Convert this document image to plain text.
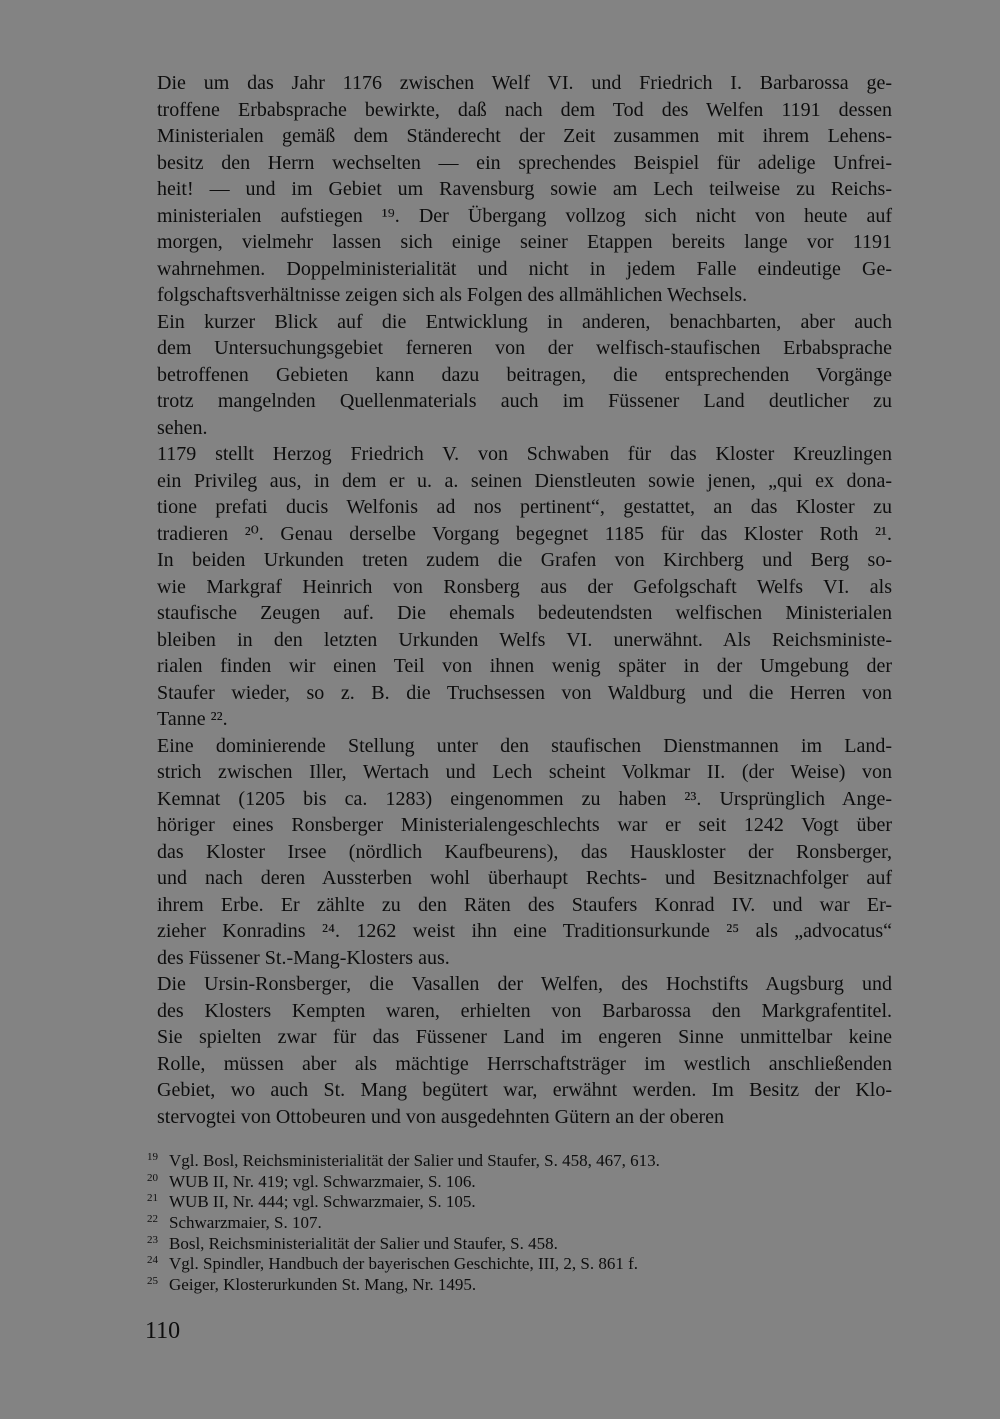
Die um das Jahr 1176 zwischen Welf VI. und Friedrich I. Barbarossa ge-
troffene Erbabsprache bewirkte, daß nach dem Tod des Welfen 1191 dessen
Ministerialen gemäß dem Ständerecht der Zeit zusammen mit ihrem Lehens-
besitz den Herrn wechselten — ein sprechendes Beispiel für adelige Unfrei-
heit! — und im Gebiet um Ravensburg sowie am Lech teilweise zu Reichs-
ministerialen aufstiegen ¹⁹. Der Übergang vollzog sich nicht von heute auf
morgen, vielmehr lassen sich einige seiner Etappen bereits lange vor 1191
wahrnehmen. Doppelministerialität und nicht in jedem Falle eindeutige Ge-
folgschaftsverhältnisse zeigen sich als Folgen des allmählichen Wechsels.
Ein kurzer Blick auf die Entwicklung in anderen, benachbarten, aber auch
dem Untersuchungsgebiet ferneren von der welfisch-staufischen Erbabsprache
betroffenen Gebieten kann dazu beitragen, die entsprechenden Vorgänge
trotz mangelnden Quellenmaterials auch im Füssener Land deutlicher zu
sehen.
1179 stellt Herzog Friedrich V. von Schwaben für das Kloster Kreuzlingen
ein Privileg aus, in dem er u. a. seinen Dienstleuten sowie jenen, „qui ex dona-
tione prefati ducis Welfonis ad nos pertinent“, gestattet, an das Kloster zu
tradieren ²⁰. Genau derselbe Vorgang begegnet 1185 für das Kloster Roth ²¹.
In beiden Urkunden treten zudem die Grafen von Kirchberg und Berg so-
wie Markgraf Heinrich von Ronsberg aus der Gefolgschaft Welfs VI. als
staufische Zeugen auf. Die ehemals bedeutendsten welfischen Ministerialen
bleiben in den letzten Urkunden Welfs VI. unerwähnt. Als Reichsministe-
rialen finden wir einen Teil von ihnen wenig später in der Umgebung der
Staufer wieder, so z. B. die Truchsessen von Waldburg und die Herren von
Tanne ²².
Eine dominierende Stellung unter den staufischen Dienstmannen im Land-
strich zwischen Iller, Wertach und Lech scheint Volkmar II. (der Weise) von
Kemnat (1205 bis ca. 1283) eingenommen zu haben ²³. Ursprünglich Ange-
höriger eines Ronsberger Ministerialengeschlechts war er seit 1242 Vogt über
das Kloster Irsee (nördlich Kaufbeurens), das Hauskloster der Ronsberger,
und nach deren Aussterben wohl überhaupt Rechts- und Besitznachfolger auf
ihrem Erbe. Er zählte zu den Räten des Staufers Konrad IV. und war Er-
zieher Konradins ²⁴. 1262 weist ihn eine Traditionsurkunde ²⁵ als „advocatus“
des Füssener St.-Mang-Klosters aus.
Die Ursin-Ronsberger, die Vasallen der Welfen, des Hochstifts Augsburg und
des Klosters Kempten waren, erhielten von Barbarossa den Markgrafentitel.
Sie spielten zwar für das Füssener Land im engeren Sinne unmittelbar keine
Rolle, müssen aber als mächtige Herrschaftsträger im westlich anschließenden
Gebiet, wo auch St. Mang begütert war, erwähnt werden. Im Besitz der Klo-
stervogtei von Ottobeuren und von ausgedehnten Gütern an der oberen
19 Vgl. Bosl, Reichsministerialität der Salier und Staufer, S. 458, 467, 613.
20 WUB II, Nr. 419; vgl. Schwarzmaier, S. 106.
21 WUB II, Nr. 444; vgl. Schwarzmaier, S. 105.
22 Schwarzmaier, S. 107.
23 Bosl, Reichsministerialität der Salier und Staufer, S. 458.
24 Vgl. Spindler, Handbuch der bayerischen Geschichte, III, 2, S. 861 f.
25 Geiger, Klosterurkunden St. Mang, Nr. 1495.
110
